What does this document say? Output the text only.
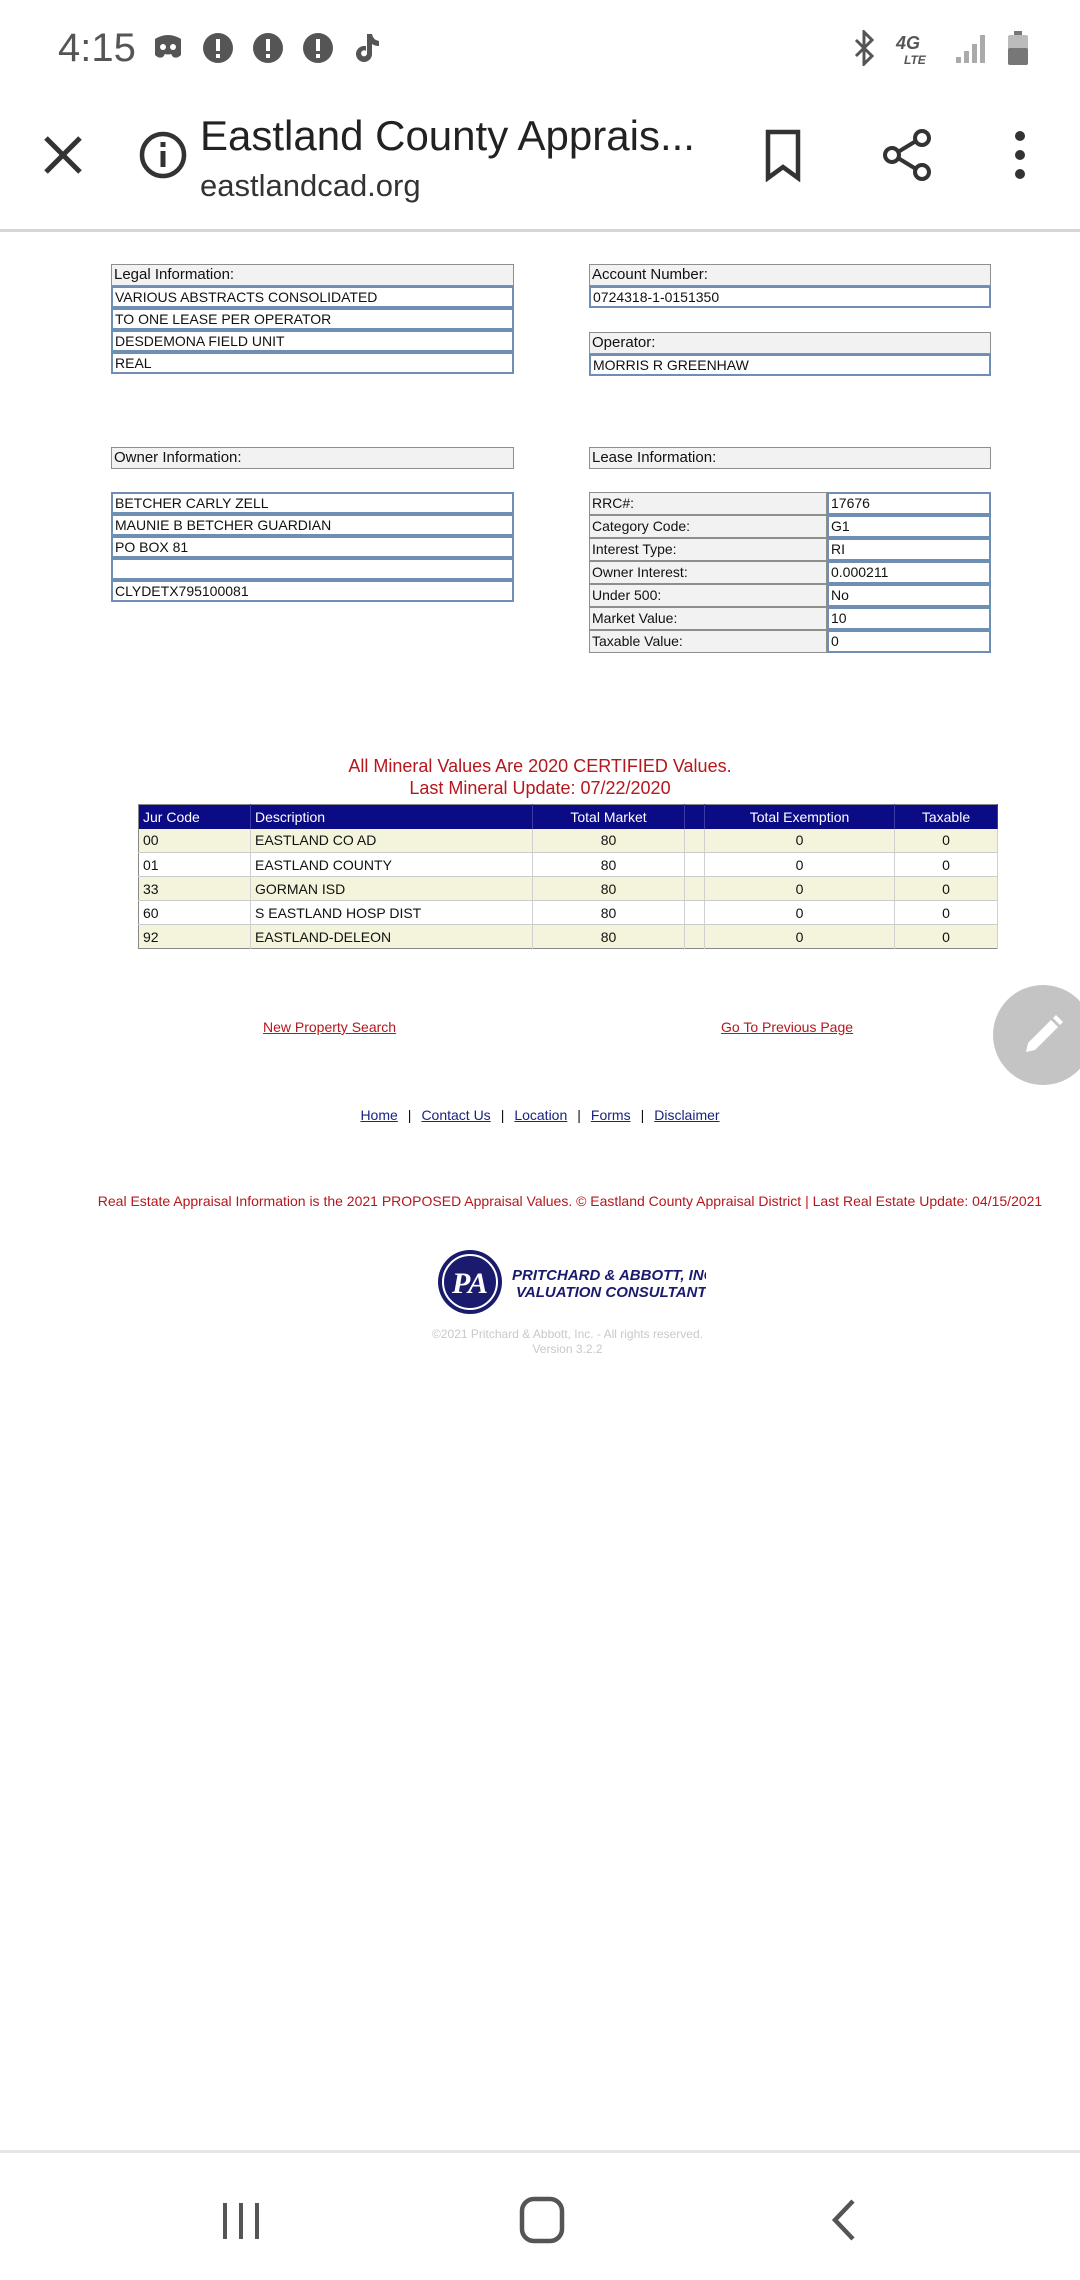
4:15	4G
LTE
Eastland County Apprais...
eastlandcad.org
Legal Information:
VARIOUS ABSTRACTS CONSOLIDATED
TO ONE LEASE PER OPERATOR
DESDEMONA FIELD UNIT
REAL
Account Number:
0724318-1-0151350
Operator:
MORRIS R GREENHAW
Owner Information:
BETCHER CARLY ZELL
MAUNIE B BETCHER GUARDIAN
PO BOX 81
CLYDETX795100081
Lease Information:
RRC#:	17676
Category Code:	G1
Interest Type:	RI
Owner Interest:	0.000211
Under 500:	No
Market Value:	10
Taxable Value:	0
All Mineral Values Are 2020 CERTIFIED Values.
Last Mineral Update: 07/22/2020
Jur Code	Description	Total Market		Total Exemption	Taxable
00	EASTLAND CO AD	80		0	0
01	EASTLAND COUNTY	80		0	0
33	GORMAN ISD	80		0	0
60	S EASTLAND HOSP DIST	80		0	0
92	EASTLAND-DELEON	80		0	0
New Property Search	Go To Previous Page
Home | Contact Us | Location | Forms | Disclaimer
Real Estate Appraisal Information is the 2021 PROPOSED Appraisal Values. © Eastland County Appraisal District | Last Real Estate Update: 04/15/2021
PA PRITCHARD & ABBOTT, INC.
VALUATION CONSULTANTS
©2021 Pritchard & Abbott, Inc. - All rights reserved.
Version 3.2.2
